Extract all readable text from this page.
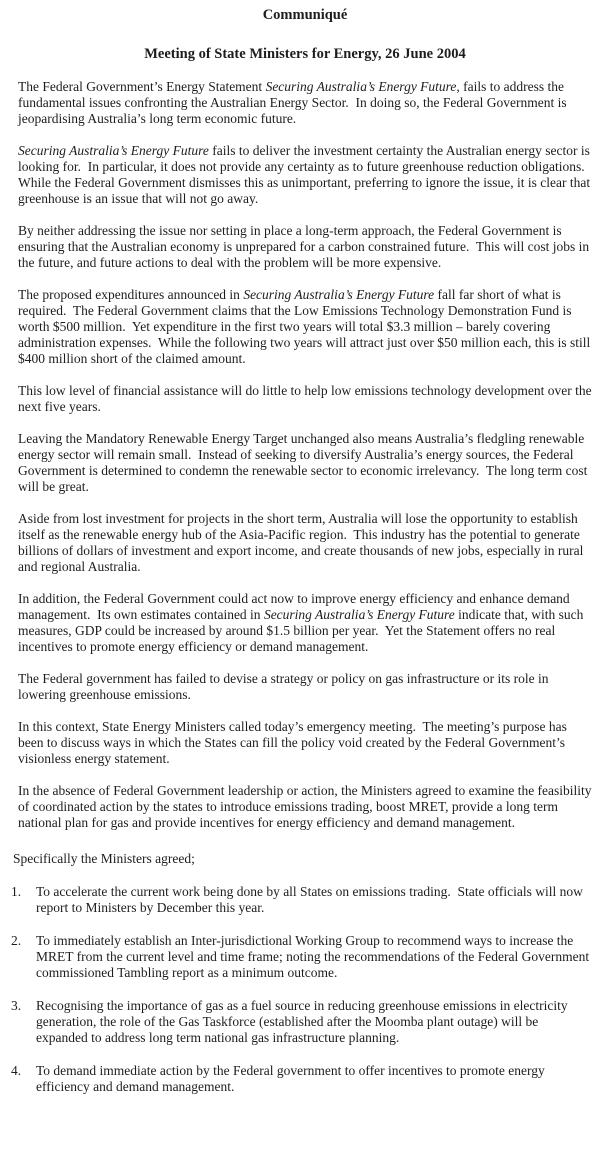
Communiqué
Meeting of State Ministers for Energy, 26 June 2004

The Federal Government’s Energy Statement Securing Australia’s Energy Future, fails to address the fundamental issues confronting the Australian Energy Sector.  In doing so, the Federal Government is jeopardising Australia’s long term economic future.

Securing Australia’s Energy Future fails to deliver the investment certainty the Australian energy sector is looking for.  In particular, it does not provide any certainty as to future greenhouse reduction obligations.  While the Federal Government dismisses this as unimportant, preferring to ignore the issue, it is clear that greenhouse is an issue that will not go away.

By neither addressing the issue nor setting in place a long-term approach, the Federal Government is ensuring that the Australian economy is unprepared for a carbon constrained future.  This will cost jobs in the future, and future actions to deal with the problem will be more expensive.

The proposed expenditures announced in Securing Australia’s Energy Future fall far short of what is required.  The Federal Government claims that the Low Emissions Technology Demonstration Fund is worth $500 million.  Yet expenditure in the first two years will total $3.3 million – barely covering administration expenses.  While the following two years will attract just over $50 million each, this is still $400 million short of the claimed amount.

This low level of financial assistance will do little to help low emissions technology development over the next five years.

Leaving the Mandatory Renewable Energy Target unchanged also means Australia’s fledgling renewable energy sector will remain small.  Instead of seeking to diversify Australia’s energy sources, the Federal Government is determined to condemn the renewable sector to economic irrelevancy.  The long term cost will be great.

Aside from lost investment for projects in the short term, Australia will lose the opportunity to establish itself as the renewable energy hub of the Asia-Pacific region.  This industry has the potential to generate billions of dollars of investment and export income, and create thousands of new jobs, especially in rural and regional Australia.

In addition, the Federal Government could act now to improve energy efficiency and enhance demand management.  Its own estimates contained in Securing Australia’s Energy Future indicate that, with such measures, GDP could be increased by around $1.5 billion per year.  Yet the Statement offers no real incentives to promote energy efficiency or demand management.

The Federal government has failed to devise a strategy or policy on gas infrastructure or its role in lowering greenhouse emissions.

In this context, State Energy Ministers called today’s emergency meeting.  The meeting’s purpose has been to discuss ways in which the States can fill the policy void created by the Federal Government’s visionless energy statement.

In the absence of Federal Government leadership or action, the Ministers agreed to examine the feasibility of coordinated action by the states to introduce emissions trading, boost MRET, provide a long term national plan for gas and provide incentives for energy efficiency and demand management.

Specifically the Ministers agreed;

1.	To accelerate the current work being done by all States on emissions trading.  State officials will now report to Ministers by December this year.
2.	To immediately establish an Inter-jurisdictional Working Group to recommend ways to increase the MRET from the current level and time frame; noting the recommendations of the Federal Government commissioned Tambling report as a minimum outcome.
3.	Recognising the importance of gas as a fuel source in reducing greenhouse emissions in electricity generation, the role of the Gas Taskforce (established after the Moomba plant outage) will be expanded to address long term national gas infrastructure planning.
4.	To demand immediate action by the Federal government to offer incentives to promote energy efficiency and demand management.
